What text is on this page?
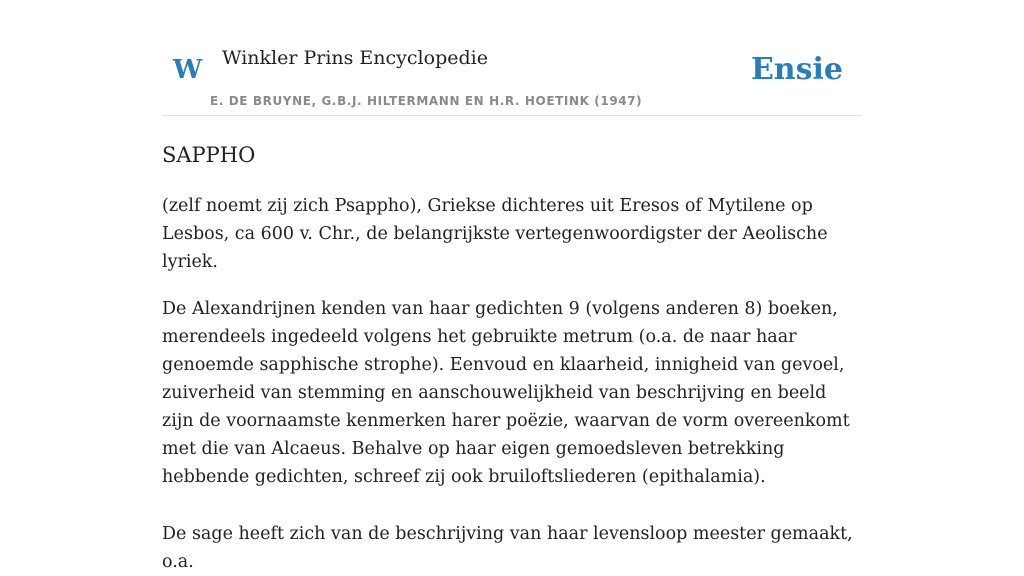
W Winkler Prins Encyclopedie
E. DE BRUYNE, G.B.J. HILTERMANN EN H.R. HOETINK (1947)
Ensie
SAPPHO

(zelf noemt zij zich Psappho), Griekse dichteres uit Eresos of Mytilene op Lesbos, ca 600 v. Chr., de belangrijkste vertegenwoordigster der Aeolische lyriek.

De Alexandrijnen kenden van haar gedichten 9 (volgens anderen 8) boeken, merendeels ingedeeld volgens het gebruikte metrum (o.a. de naar haar genoemde sapphische strophe). Eenvoud en klaarheid, innigheid van gevoel, zuiverheid van stemming en aanschouwelijkheid van beschrijving en beeld zijn de voornaamste kenmerken harer poëzie, waarvan de vorm overeenkomt met die van Alcaeus. Behalve op haar eigen gemoedsleven betrekking hebbende gedichten, schreef zij ook bruiloftsliederen (epithalamia).

De sage heeft zich van de beschrijving van haar levensloop meester gemaakt, o.a.
